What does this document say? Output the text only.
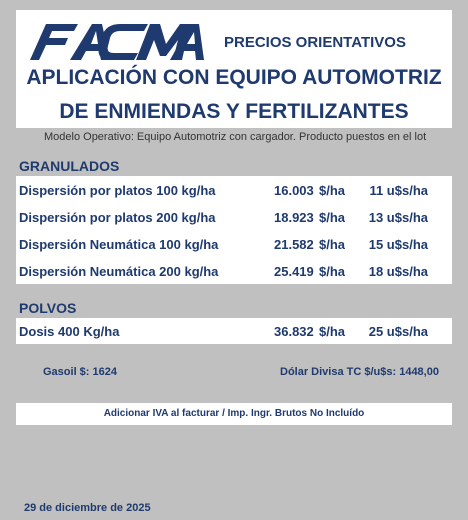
PRECIOS ORIENTATIVOS
APLICACIÓN CON EQUIPO AUTOMOTRIZ
DE ENMIENDAS Y FERTILIZANTES
Modelo Operativo: Equipo Automotriz con cargador. Producto puestos en el lot
GRANULADOS
Dispersión por platos 100 kg/ha	16.003 $/ha 11 u$s/ha
Dispersión por platos 200 kg/ha	18.923 $/ha 13 u$s/ha
Dispersión Neumática 100 kg/ha	21.582 $/ha 15 u$s/ha
Dispersión Neumática 200 kg/ha	25.419 $/ha 18 u$s/ha
POLVOS
Dosis 400 Kg/ha	36.832 $/ha 25 u$s/ha
Gasoil $: 1624	Dólar Divisa TC $/u$s: 1448,00
Adicionar IVA al facturar / Imp. Ingr. Brutos No Incluído
29 de diciembre de 2025
